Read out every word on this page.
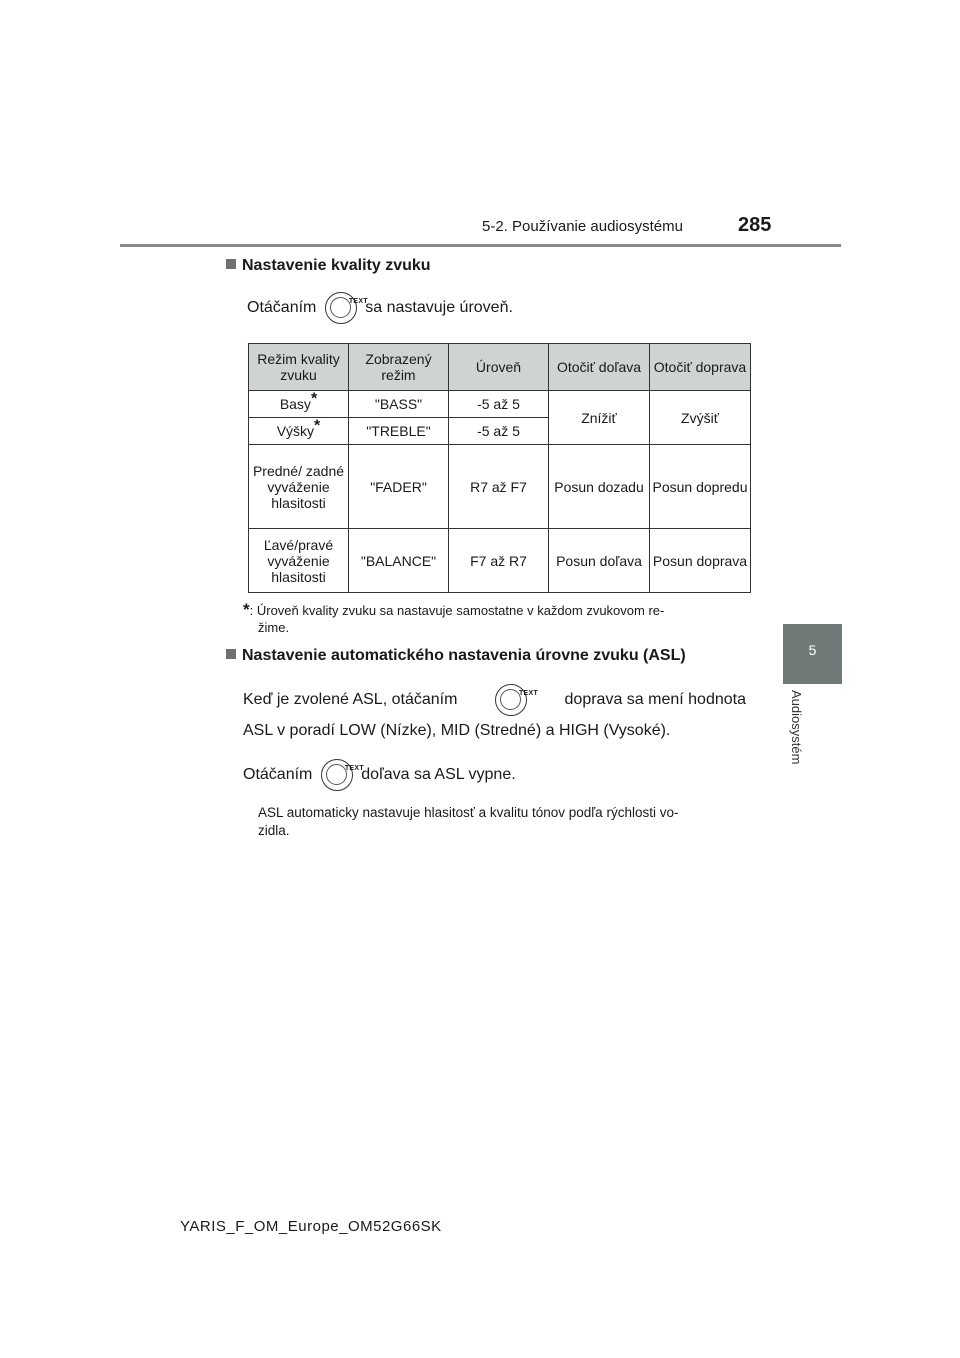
5-2. Používanie audiosystému	285
5
Audiosystém
Nastavenie kvality zvuku
Otáčaním	TEXT
sa nastavuje úroveň.
Režim kvality zvuku	Zobrazený režim	Úroveň	Otočiť doľava	Otočiť doprava
Basy*	"BASS"	-5 až 5	Znížiť	Zvýšiť
Výšky*	"TREBLE"	-5 až 5		
Predné/ zadné vyváženie hlasitosti	"FADER"	R7 až F7	Posun dozadu	Posun dopredu
Ľavé/pravé vyváženie hlasitosti	"BALANCE"	F7 až R7	Posun doľava	Posun doprava
*: Úroveň kvality zvuku sa nastavuje samostatne v každom zvukovom re-
žime.
Nastavenie automatického nastavenia úrovne zvuku (ASL)
Keď je zvolené ASL, otáčaním	TEXT doprava sa mení hodnota
ASL v poradí LOW (Nízke), MID (Stredné) a HIGH (Vysoké).
Otáčaním	TEXT
doľava sa ASL vypne.
ASL automaticky nastavuje hlasitosť a kvalitu tónov podľa rýchlosti vo-
zidla.
YARIS_F_OM_Europe_OM52G66SK
